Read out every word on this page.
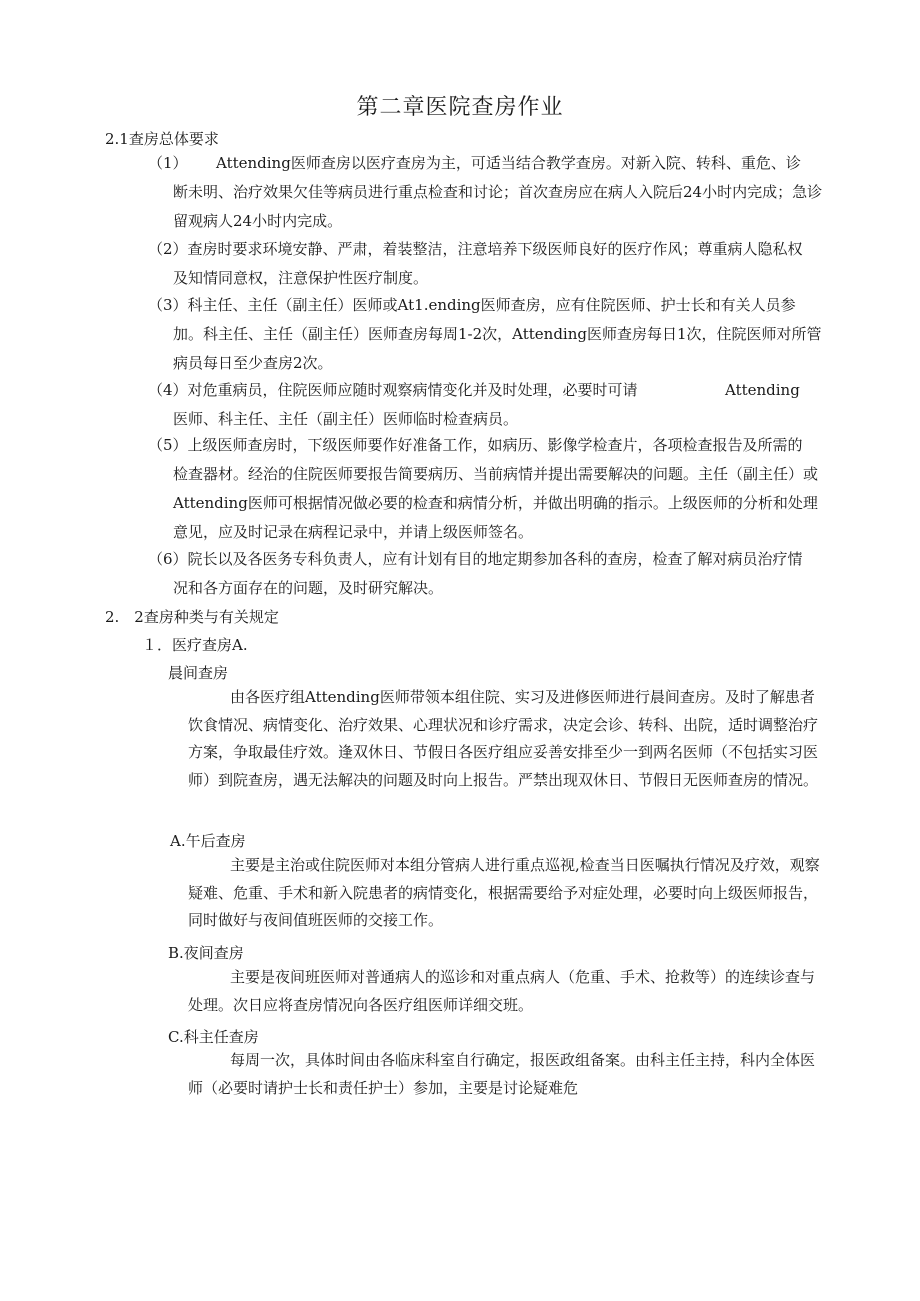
第二章医院查房作业
2.1查房总体要求
（1） Attending医师查房以医疗查房为主，可适当结合教学查房。对新入院、转科、重危、诊
断未明、治疗效果欠佳等病员进行重点检查和讨论；首次查房应在病人入院后24小时内完成；急诊留观病人24小时内完成。
（2）查房时要求环境安静、严肃，着装整洁，注意培养下级医师良好的医疗作风；尊重病人隐私权
及知情同意权，注意保护性医疗制度。
（3）科主任、主任（副主任）医师或At1.ending医师查房，应有住院医师、护士长和有关人员参
加。科主任、主任（副主任）医师查房每周1-2次，Attending医师查房每日1次，住院医师对所管病员每日至少查房2次。
（4）对危重病员，住院医师应随时观察病情变化并及时处理，必要时可请
医师、科主任、主任（副主任）医师临时检查病员。
Attending
（5）上级医师查房时，下级医师要作好准备工作，如病历、影像学检查片，各项检查报告及所需的
检查器材。经治的住院医师要报告简要病历、当前病情并提出需要解决的问题。主任（副主任）或Attending医师可根据情况做必要的检查和病情分析，并做出明确的指示。上级医师的分析和处理意见，应及时记录在病程记录中，并请上级医师签名。
（6）院长以及各医务专科负责人，应有计划有目的地定期参加各科的查房，检查了解对病员治疗情
况和各方面存在的问题，及时研究解决。
2.　2查房种类与有关规定
１．医疗查房A.
晨间查房
由各医疗组Attending医师带领本组住院、实习及进修医师进行晨间查房。及时了解患者饮食情况、病情变化、治疗效果、心理状况和诊疗需求，决定会诊、转科、出院，适时调整治疗方案，争取最佳疗效。逢双休日、节假日各医疗组应妥善安排至少一到两名医师（不包括实习医师）到院查房，遇无法解决的问题及时向上报告。严禁出现双休日、节假日无医师查房的情况。
A.午后查房
主要是主治或住院医师对本组分管病人进行重点巡视,检查当日医嘱执行情况及疗效，观察疑难、危重、手术和新入院患者的病情变化，根据需要给予对症处理，必要时向上级医师报告，同时做好与夜间值班医师的交接工作。
B.夜间查房
主要是夜间班医师对普通病人的巡诊和对重点病人（危重、手术、抢救等）的连续诊查与处理。次日应将查房情况向各医疗组医师详细交班。
C.科主任查房
每周一次，具体时间由各临床科室自行确定，报医政组备案。由科主任主持，科内全体医师（必要时请护士长和责任护士）参加，主要是讨论疑难危
